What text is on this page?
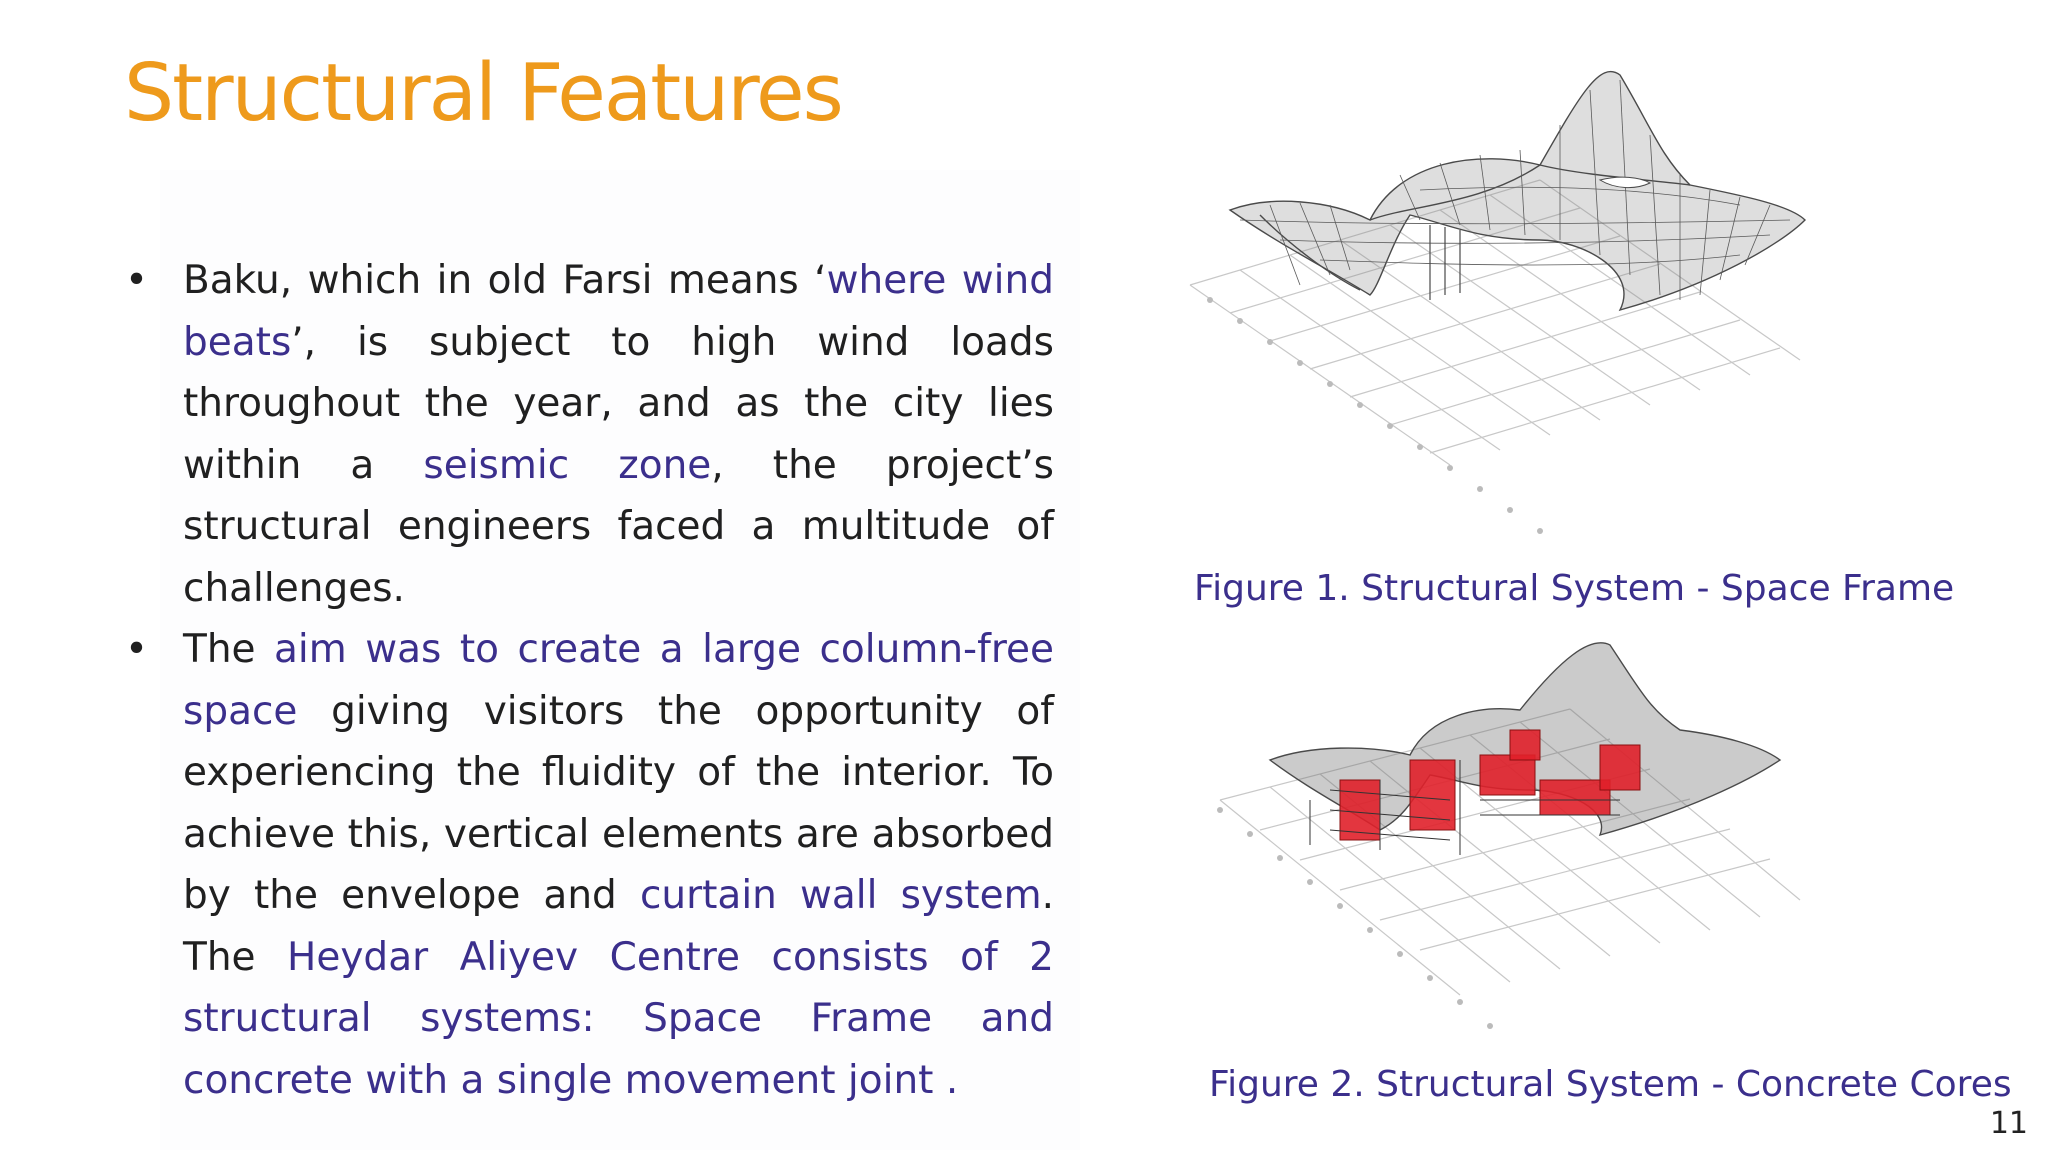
Structural Features
• Baku, which in old Farsi means ‘where wind beats’, is subject to high wind loads throughout the year, and as the city lies within a seismic zone, the project’s structural engineers faced a multitude of challenges.
• The aim was to create a large column-free space giving visitors the opportunity of experiencing the fluidity of the interior. To achieve this, vertical elements are absorbed by the envelope and curtain wall system. The Heydar Aliyev Centre consists of 2 structural systems: Space Frame and concrete with a single movement joint .
Figure 1. Structural System - Space Frame
Figure 2. Structural System - Concrete Cores
11
